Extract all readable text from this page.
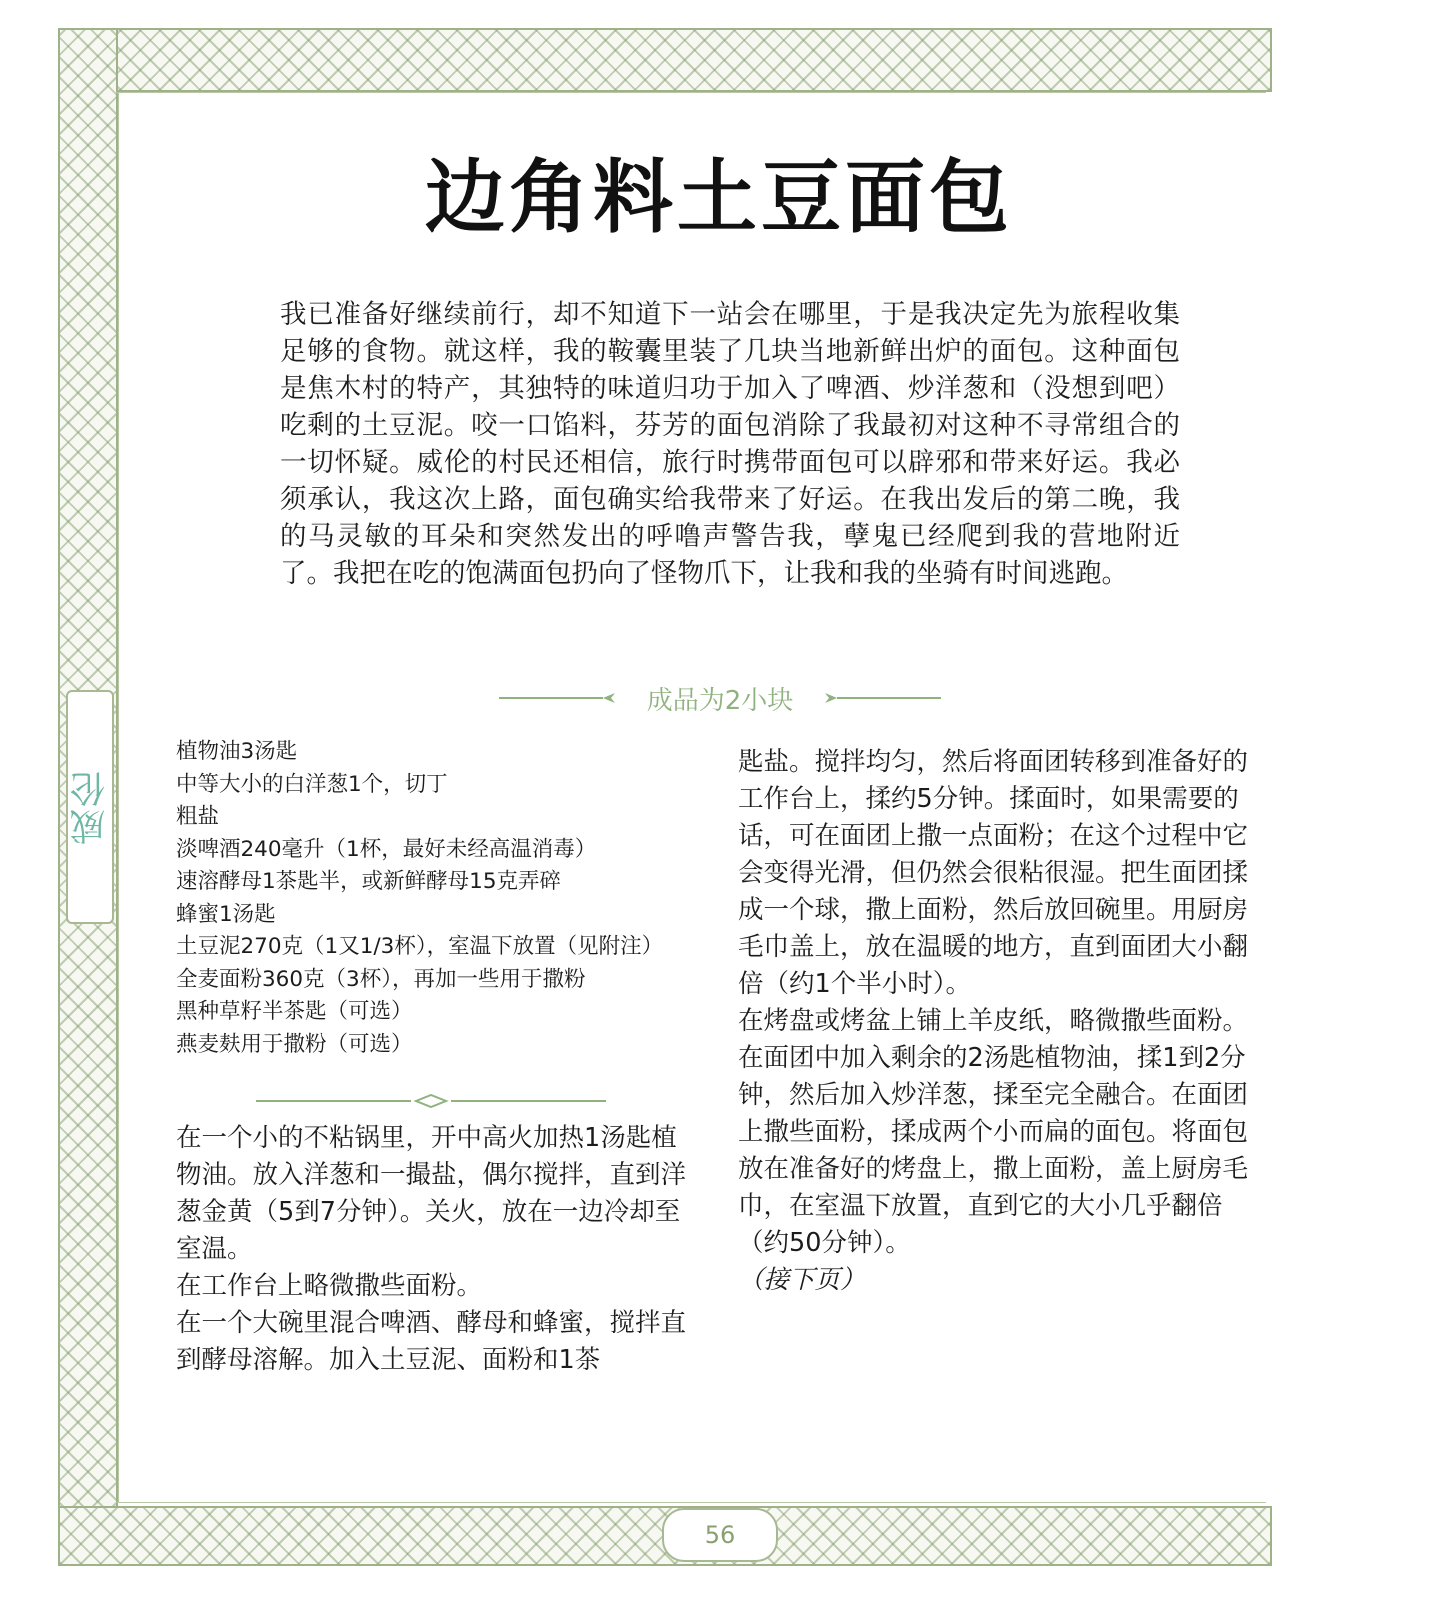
威伦
56
边角料土豆面包

我已准备好继续前行，却不知道下一站会在哪里，于是我决定先为旅程收集足够的食物。就这样，我的鞍囊里装了几块当地新鲜出炉的面包。这种面包是焦木村的特产，其独特的味道归功于加入了啤酒、炒洋葱和（没想到吧）吃剩的土豆泥。咬一口馅料，芬芳的面包消除了我最初对这种不寻常组合的一切怀疑。威伦的村民还相信，旅行时携带面包可以辟邪和带来好运。我必须承认，我这次上路，面包确实给我带来了好运。在我出发后的第二晚，我的马灵敏的耳朵和突然发出的呼噜声警告我，孽鬼已经爬到我的营地附近了。我把在吃的饱满面包扔向了怪物爪下，让我和我的坐骑有时间逃跑。

成品为2小块
植物油3汤匙
中等大小的白洋葱1个，切丁
粗盐
淡啤酒240毫升（1杯，最好未经高温消毒）
速溶酵母1茶匙半，或新鲜酵母15克弄碎
蜂蜜1汤匙
土豆泥270克（1又1/3杯），室温下放置（见附注）
全麦面粉360克（3杯），再加一些用于撒粉
黑种草籽半茶匙（可选）
燕麦麸用于撒粉（可选）

在一个小的不粘锅里，开中高火加热1汤匙植物油。放入洋葱和一撮盐，偶尔搅拌，直到洋葱金黄（5到7分钟）。关火，放在一边冷却至室温。

在工作台上略微撒些面粉。

在一个大碗里混合啤酒、酵母和蜂蜜，搅拌直到酵母溶解。加入土豆泥、面粉和1茶

匙盐。搅拌均匀，然后将面团转移到准备好的工作台上，揉约5分钟。揉面时，如果需要的话，可在面团上撒一点面粉；在这个过程中它会变得光滑，但仍然会很粘很湿。把生面团揉成一个球，撒上面粉，然后放回碗里。用厨房毛巾盖上，放在温暖的地方，直到面团大小翻倍（约1个半小时）。

在烤盘或烤盆上铺上羊皮纸，略微撒些面粉。

在面团中加入剩余的2汤匙植物油，揉1到2分钟，然后加入炒洋葱，揉至完全融合。在面团上撒些面粉，揉成两个小而扁的面包。将面包放在准备好的烤盘上，撒上面粉，盖上厨房毛巾，在室温下放置，直到它的大小几乎翻倍（约50分钟）。

（接下页）
